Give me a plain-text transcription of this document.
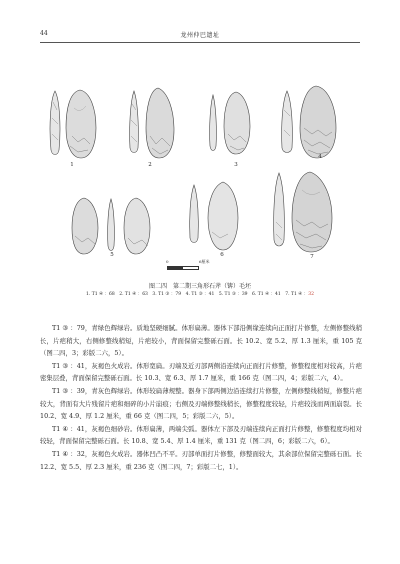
44	龙州仲巴遗址
1	2	3
4
5	6	7
0	6厘米
图二四　第二期三角形石斧（锛）毛坯
1. T1 ④ ：68　2. T1 ④ ：63　3. T1 ③ ：79　4. T1 ③ ：41　5. T1 ③ ：39　6. T1 ④ ：41　7. T1 ④ ：32

T1 ③ ：79，青绿色辉绿岩。质地坚硬细腻。体形扁薄。器体下部沿侧缘连续向正面打片修整，左侧修整线稍长，片疤稍大，右侧修整线稍短，片疤较小，背面保留完整砾石面。长 10.2、宽 5.2、厚 1.3 厘米，重 105 克（图二四，3；彩版二六，5）。

T1 ③ ：41，灰褐色火成岩。体形宽扁。刃端及近刃部两侧沿连续向正面打片修整，修整程度相对较高，片疤密集层叠，背面保留完整砾石面。长 10.3、宽 6.3、厚 1.7 厘米，重 166 克（图二四，4；彩版二六，4）。

T1 ③ ：39，青灰色辉绿岩。体形较扁薄规整。器身下部两侧边沿连续打片修整，左侧修整线稍短，修整片疤较大，背面有大片残留片疤和细碎的小片崩痕；右侧及刃端修整线稍长，修整程度较轻，片疤较浅而两面崩裂。长 10.2、宽 4.9、厚 1.2 厘米，重 66 克（图二四，5；彩版二六，5）。

T1 ④ ：41，灰褐色细砂岩。体形扁薄，两端尖弧。器体左下部及刃端连续向正面打片修整，修整程度均相对较轻，背面保留完整砾石面。长 10.8、宽 5.4、厚 1.4 厘米，重 131 克（图二四，6；彩版二六，6）。

T1 ④ ：32，灰褐色火成岩。器体凹凸不平。刃部单面打片修整，修整面较大，其余部位保留完整砾石面。长 12.2、宽 5.5、厚 2.3 厘米，重 236 克（图二四，7；彩版二七，1）。
